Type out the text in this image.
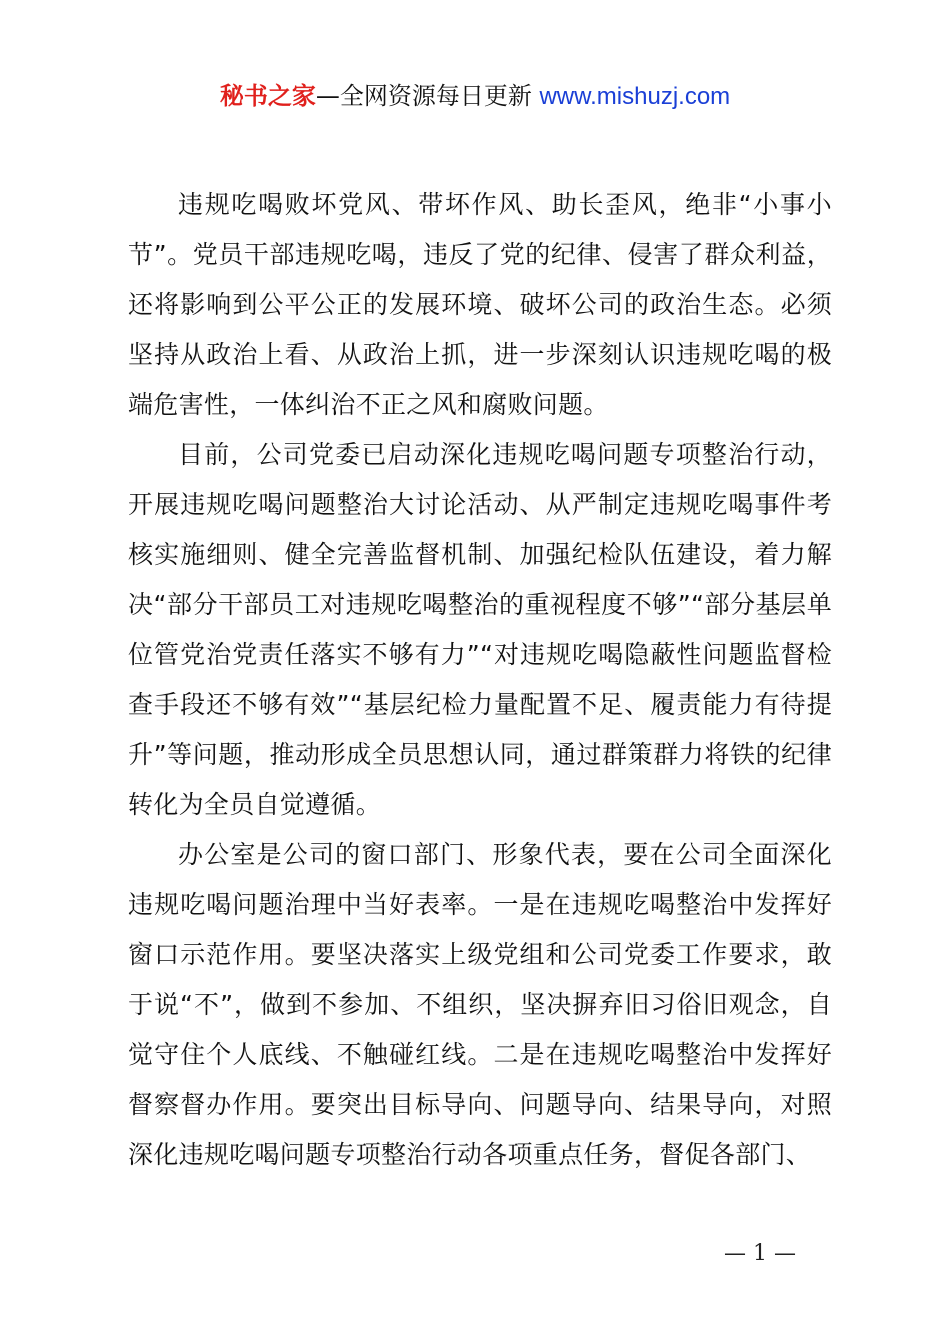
秘书之家—全网资源每日更新 www.mishuzj.com

违规吃喝败坏党风、带坏作风、助长歪风，绝非“小事小节”。党员干部违规吃喝，违反了党的纪律、侵害了群众利益，还将影响到公平公正的发展环境、破坏公司的政治生态。必须坚持从政治上看、从政治上抓，进一步深刻认识违规吃喝的极端危害性，一体纠治不正之风和腐败问题。

目前，公司党委已启动深化违规吃喝问题专项整治行动，开展违规吃喝问题整治大讨论活动、从严制定违规吃喝事件考核实施细则、健全完善监督机制、加强纪检队伍建设，着力解决“部分干部员工对违规吃喝整治的重视程度不够”“部分基层单位管党治党责任落实不够有力”“对违规吃喝隐蔽性问题监督检查手段还不够有效”“基层纪检力量配置不足、履责能力有待提升”等问题，推动形成全员思想认同，通过群策群力将铁的纪律转化为全员自觉遵循。

办公室是公司的窗口部门、形象代表，要在公司全面深化违规吃喝问题治理中当好表率。一是在违规吃喝整治中发挥好窗口示范作用。要坚决落实上级党组和公司党委工作要求，敢于说“不”，做到不参加、不组织，坚决摒弃旧习俗旧观念，自觉守住个人底线、不触碰红线。二是在违规吃喝整治中发挥好督察督办作用。要突出目标导向、问题导向、结果导向，对照深化违规吃喝问题专项整治行动各项重点任务，督促各部门、

— 1 —
